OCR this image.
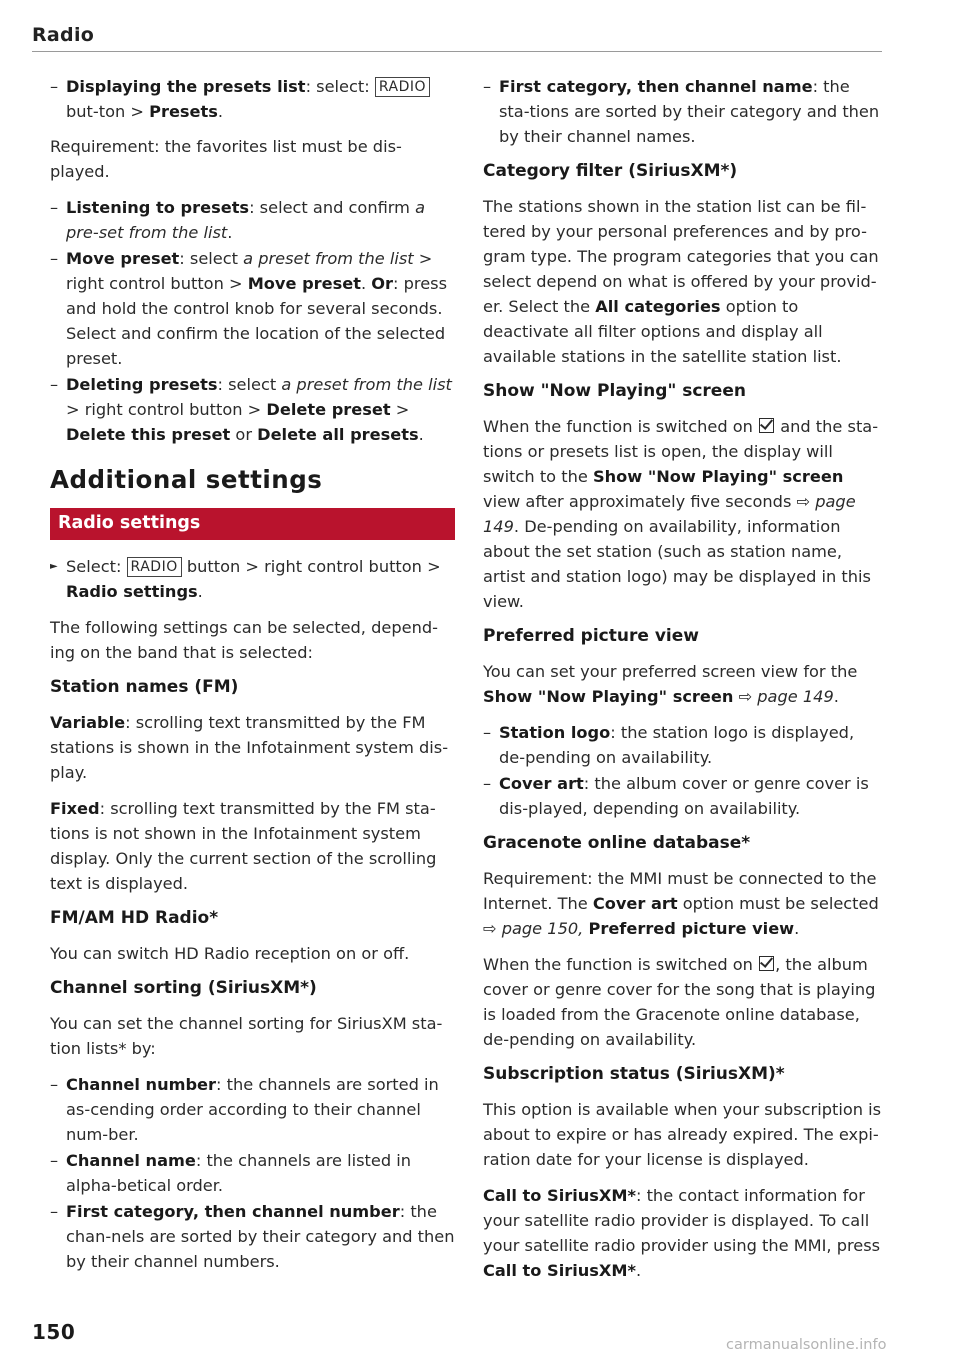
Radio
– Displaying the presets list: select: RADIO but-ton > Presets.
Requirement: the favorites list must be dis-played.
– Listening to presets: select and confirm a pre-set from the list.
– Move preset: select a preset from the list > right control button > Move preset. Or: press and hold the control knob for several seconds. Select and confirm the location of the selected preset.
– Deleting presets: select a preset from the list > right control button > Delete preset > Delete this preset or Delete all presets.
Additional settings
Radio settings
► Select: RADIO button > right control button > Radio settings.
The following settings can be selected, depend-ing on the band that is selected:
Station names (FM)
Variable: scrolling text transmitted by the FM stations is shown in the Infotainment system dis-play.
Fixed: scrolling text transmitted by the FM sta-tions is not shown in the Infotainment system display. Only the current section of the scrolling text is displayed.
FM/AM HD Radio*
You can switch HD Radio reception on or off.
Channel sorting (SiriusXM*)
You can set the channel sorting for SiriusXM sta-tion lists* by:
– Channel number: the channels are sorted in as-cending order according to their channel num-ber.
– Channel name: the channels are listed in alpha-betical order.
– First category, then channel number: the chan-nels are sorted by their category and then by their channel numbers.
– First category, then channel name: the sta-tions are sorted by their category and then by their channel names.
Category filter (SiriusXM*)
The stations shown in the station list can be fil-tered by your personal preferences and by pro-gram type. The program categories that you can select depend on what is offered by your provid-er. Select the All categories option to deactivate all filter options and display all available stations in the satellite station list.
Show "Now Playing" screen
When the function is switched on  and the sta-tions or presets list is open, the display will switch to the Show "Now Playing" screen view after approximately five seconds ⇨ page 149. De-pending on availability, information about the set station (such as station name, artist and station logo) may be displayed in this view.
Preferred picture view
You can set your preferred screen view for the Show "Now Playing" screen ⇨ page 149.
– Station logo: the station logo is displayed, de-pending on availability.
– Cover art: the album cover or genre cover is dis-played, depending on availability.
Gracenote online database*
Requirement: the MMI must be connected to the Internet. The Cover art option must be selected ⇨ page 150, Preferred picture view.
When the function is switched on , the album cover or genre cover for the song that is playing is loaded from the Gracenote online database, de-pending on availability.
Subscription status (SiriusXM)*
This option is available when your subscription is about to expire or has already expired. The expi-ration date for your license is displayed.
Call to SiriusXM*: the contact information for your satellite radio provider is displayed. To call your satellite radio provider using the MMI, press Call to SiriusXM*.
150
carmanualsonline.info
